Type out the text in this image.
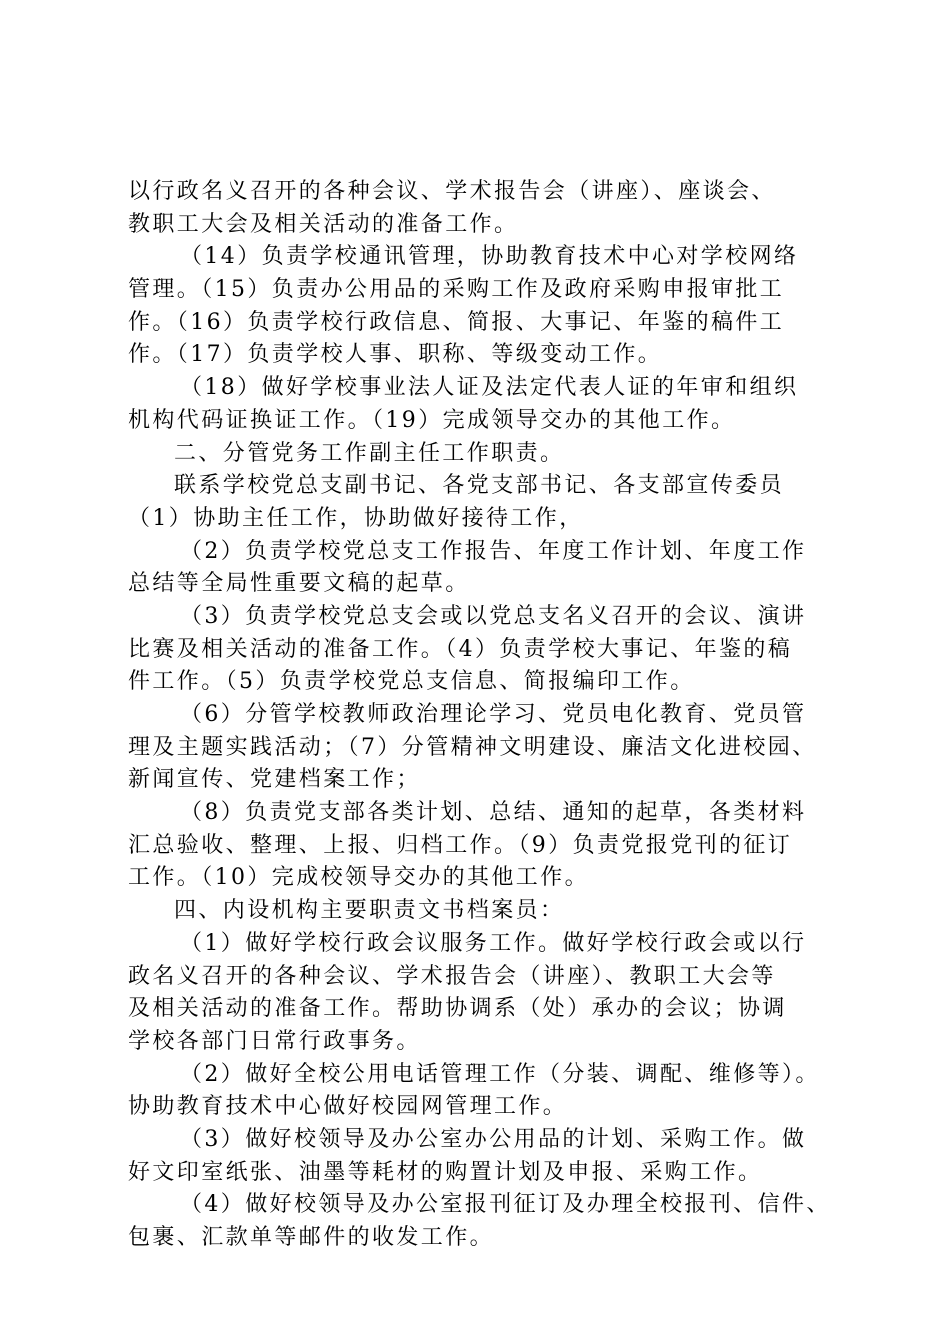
以行政名义召开的各种会议、学术报告会（讲座）、座谈会、
教职工大会及相关活动的准备工作。
（14）负责学校通讯管理，协助教育技术中心对学校网络
管理。（15）负责办公用品的采购工作及政府采购申报审批工
作。（16）负责学校行政信息、简报、大事记、年鉴的稿件工
作。（17）负责学校人事、职称、等级变动工作。
（18）做好学校事业法人证及法定代表人证的年审和组织
机构代码证换证工作。（19）完成领导交办的其他工作。
二、分管党务工作副主任工作职责。
联系学校党总支副书记、各党支部书记、各支部宣传委员
（1）协助主任工作，协助做好接待工作，
（2）负责学校党总支工作报告、年度工作计划、年度工作
总结等全局性重要文稿的起草。
（3）负责学校党总支会或以党总支名义召开的会议、演讲
比赛及相关活动的准备工作。（4）负责学校大事记、年鉴的稿
件工作。（5）负责学校党总支信息、简报编印工作。
（6）分管学校教师政治理论学习、党员电化教育、党员管
理及主题实践活动；（7）分管精神文明建设、廉洁文化进校园、
新闻宣传、党建档案工作；
（8）负责党支部各类计划、总结、通知的起草，各类材料
汇总验收、整理、上报、归档工作。（9）负责党报党刊的征订
工作。（10）完成校领导交办的其他工作。
四、内设机构主要职责文书档案员：
（1）做好学校行政会议服务工作。做好学校行政会或以行
政名义召开的各种会议、学术报告会（讲座）、教职工大会等
及相关活动的准备工作。帮助协调系（处）承办的会议；协调
学校各部门日常行政事务。
（2）做好全校公用电话管理工作（分装、调配、维修等）。
协助教育技术中心做好校园网管理工作。
（3）做好校领导及办公室办公用品的计划、采购工作。做
好文印室纸张、油墨等耗材的购置计划及申报、采购工作。
（4）做好校领导及办公室报刊征订及办理全校报刊、信件、
包裹、汇款单等邮件的收发工作。
